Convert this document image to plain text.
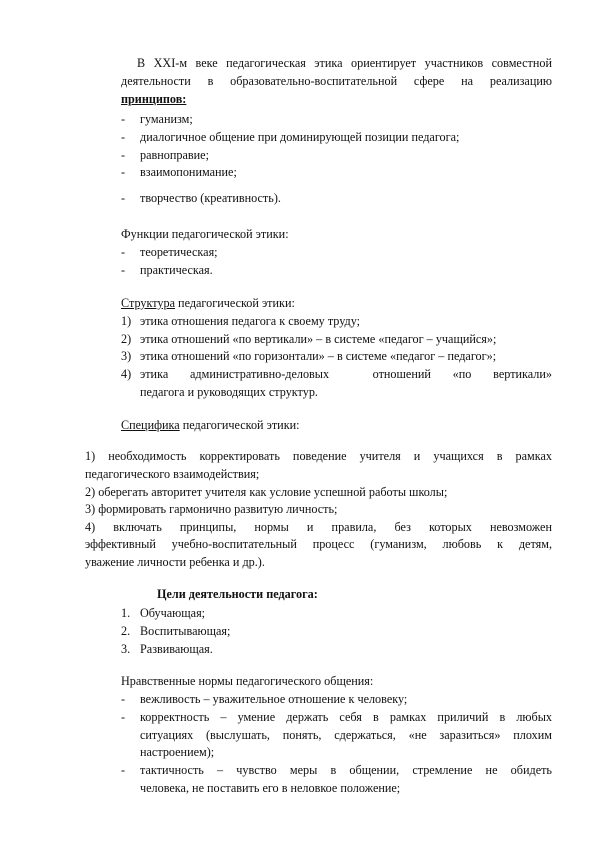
В XXI-м веке педагогическая этика ориентирует участников совместной
деятельности в образовательно-воспитательной сфере на реализацию
принципов:
- гуманизм;
- диалогичное общение при доминирующей позиции педагога;
- равноправие;
- взаимопонимание;
- творчество (креативность).
Функции педагогической этики:
- теоретическая;
- практическая.
Структура педагогической этики:
1) этика отношения педагога к своему труду;
2) этика отношений «по вертикали» – в системе «педагог – учащийся»;
3) этика отношений «по горизонтали» – в системе «педагог – педагог»;
4) этика административно-деловых  отношений «по вертикали»
педагога и руководящих структур.
Специфика педагогической этики:
1) необходимость корректировать поведение учителя и учащихся в рамках
педагогического взаимодействия;
2) оберегать авторитет учителя как условие успешной работы школы;
3) формировать гармонично развитую личность;
4) включать принципы, нормы и правила, без которых невозможен
эффективный учебно-воспитательный процесс (гуманизм, любовь к детям,
уважение личности ребенка и др.).
Цели деятельности педагога:
1. Обучающая;
2. Воспитывающая;
3. Развивающая.
Нравственные нормы педагогического общения:
- вежливость – уважительное отношение к человеку;
- корректность – умение держать себя в рамках приличий в любых
ситуациях (выслушать, понять, сдержаться, «не заразиться» плохим
настроением);
- тактичность – чувство меры в общении, стремление не обидеть
человека, не поставить его в неловкое положение;
